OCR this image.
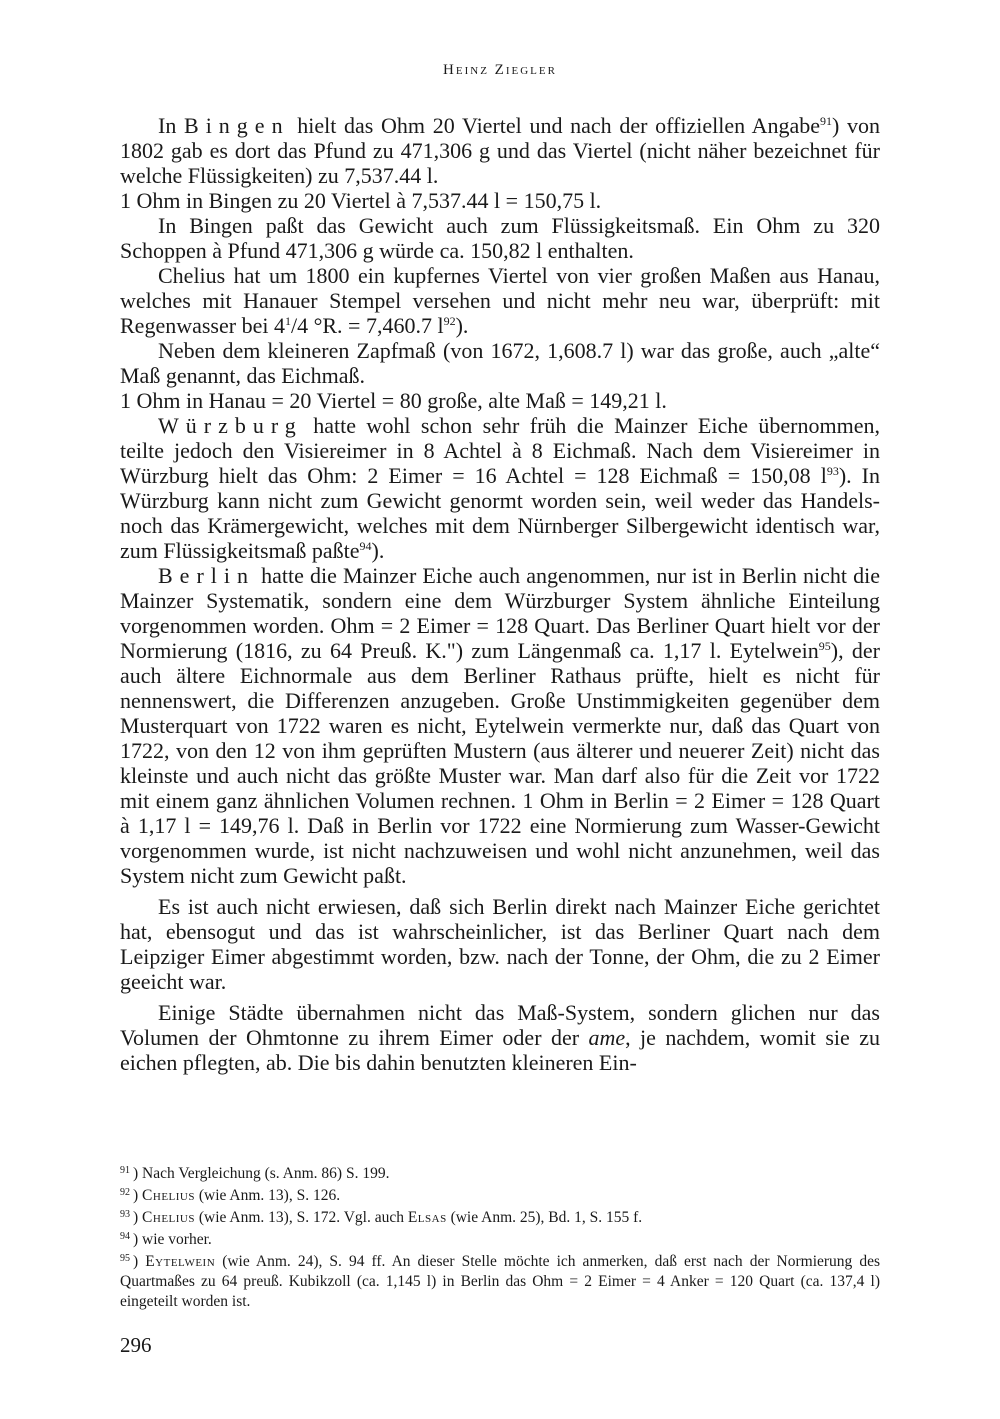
Heinz Ziegler

In Bingen hielt das Ohm 20 Viertel und nach der offiziellen Angabe$^{91}$) von 1802 gab es dort das Pfund zu 471,306 g und das Viertel (nicht näher bezeichnet für welche Flüssigkeiten) zu 7,537.44 l.

1 Ohm in Bingen zu 20 Viertel à 7,537.44 l = 150,75 l.

In Bingen paßt das Gewicht auch zum Flüssigkeitsmaß. Ein Ohm zu 320 Schoppen à Pfund 471,306 g würde ca. 150,82 l enthalten.

Chelius hat um 1800 ein kupfernes Viertel von vier großen Maßen aus Hanau, welches mit Hanauer Stempel versehen und nicht mehr neu war, überprüft: mit Regenwasser bei $4^1/4$ °R. = 7,460.7 $l^{92}$).

Neben dem kleineren Zapfmaß (von 1672, 1,608.7 l) war das große, auch „alte“ Maß genannt, das Eichmaß.

1 Ohm in Hanau = 20 Viertel = 80 große, alte Maß = 149,21 l.

Würzburg hatte wohl schon sehr früh die Mainzer Eiche übernommen, teilte jedoch den Visiereimer in 8 Achtel à 8 Eichmaß. Nach dem Visiereimer in Würzburg hielt das Ohm: 2 Eimer = 16 Achtel = 128 Eichmaß = 150,08 $l^{93}$). In Würzburg kann nicht zum Gewicht genormt worden sein, weil weder das Handels- noch das Krämergewicht, welches mit dem Nürnberger Silbergewicht identisch war, zum Flüssigkeitsmaß paßte$^{94}$).

Berlin hatte die Mainzer Eiche auch angenommen, nur ist in Berlin nicht die Mainzer Systematik, sondern eine dem Würzburger System ähnliche Einteilung vorgenommen worden. Ohm = 2 Eimer = 128 Quart. Das Berliner Quart hielt vor der Normierung (1816, zu 64 Preuß. K.") zum Längenmaß ca. 1,17 l. Eytelwein$^{95}$), der auch ältere Eichnormale aus dem Berliner Rathaus prüfte, hielt es nicht für nennenswert, die Differenzen anzugeben. Große Unstimmigkeiten gegenüber dem Musterquart von 1722 waren es nicht, Eytelwein vermerkte nur, daß das Quart von 1722, von den 12 von ihm geprüften Mustern (aus älterer und neuerer Zeit) nicht das kleinste und auch nicht das größte Muster war. Man darf also für die Zeit vor 1722 mit einem ganz ähnlichen Volumen rechnen. 1 Ohm in Berlin = 2 Eimer = 128 Quart à 1,17 l = 149,76 l. Daß in Berlin vor 1722 eine Normierung zum Wasser-Gewicht vorgenommen wurde, ist nicht nachzuweisen und wohl nicht anzunehmen, weil das System nicht zum Gewicht paßt.

Es ist auch nicht erwiesen, daß sich Berlin direkt nach Mainzer Eiche gerichtet hat, ebensogut und das ist wahrscheinlicher, ist das Berliner Quart nach dem Leipziger Eimer abgestimmt worden, bzw. nach der Tonne, der Ohm, die zu 2 Eimer geeicht war.

Einige Städte übernahmen nicht das Maß-System, sondern glichen nur das Volumen der Ohmtonne zu ihrem Eimer oder der ame, je nachdem, womit sie zu eichen pflegten, ab. Die bis dahin benutzten kleineren Ein-

$^{91}$ ) Nach Vergleichung (s. Anm. 86) S. 199.

$^{92}$ ) Chelius (wie Anm. 13), S. 126.

$^{93}$ ) Chelius (wie Anm. 13), S. 172. Vgl. auch Elsas (wie Anm. 25), Bd. 1, S. 155 f.

$^{94}$ ) wie vorher.

$^{95}$ ) Eytelwein (wie Anm. 24), S. 94 ff. An dieser Stelle möchte ich anmerken, daß erst nach der Normierung des Quartmaßes zu 64 preuß. Kubikzoll (ca. 1,145 l) in Berlin das Ohm = 2 Eimer = 4 Anker = 120 Quart (ca. 137,4 l) eingeteilt worden ist.

296
